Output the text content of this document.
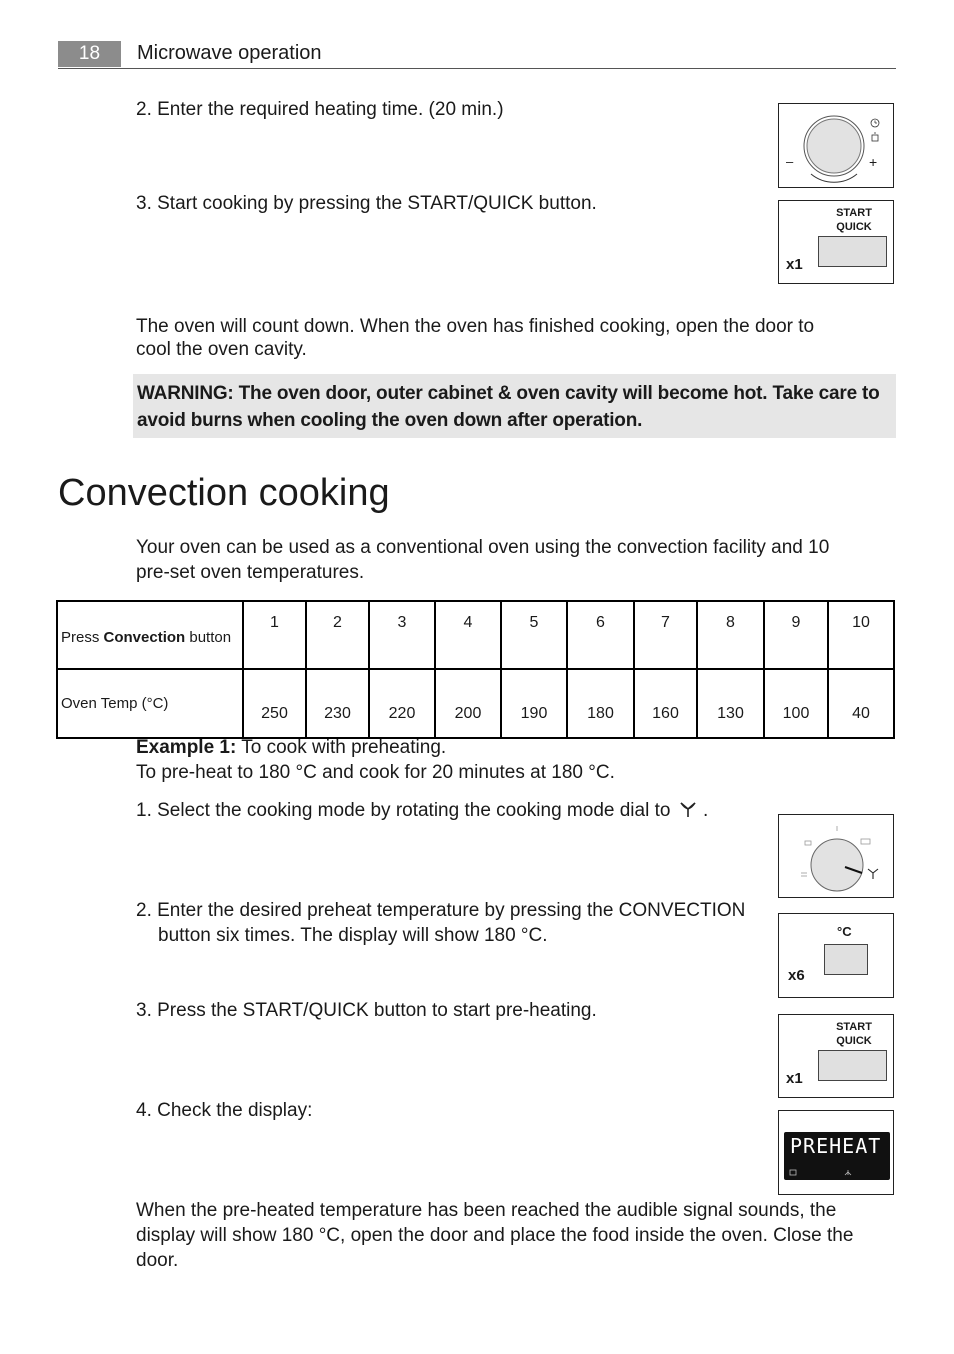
18	Microwave operation
2. Enter the required heating time. (20 min.)
3. Start cooking by pressing the START/QUICK button.
–	+
START
QUICK
x1
The oven will count down. When the oven has finished cooking, open the door to
cool the oven cavity.
WARNING: The oven door, outer cabinet & oven cavity will become hot. Take care to
avoid burns when cooling the oven down after operation.
Convection cooking
Your oven can be used as a conventional oven using the convection facility and 10
pre-set oven temperatures.
Press Convection button	1	2	3	4	5	6	7	8	9	10
Oven Temp (°C)	250	230	220	200	190	180	160	130	100	40
Example 1: To cook with preheating.
To pre-heat to 180 °C and cook for 20 minutes at 180 °C.
1. Select the cooking mode by rotating the cooking mode dial to .
2. Enter the desired preheat temperature by pressing the CONVECTION
button six times. The display will show 180 °C.	°C
x6
3. Press the START/QUICK button to start pre-heating.
START
QUICK
x1
4. Check the display:
PREHEAT
When the pre-heated temperature has been reached the audible signal sounds, the
display will show 180 °C, open the door and place the food inside the oven. Close the
door.
